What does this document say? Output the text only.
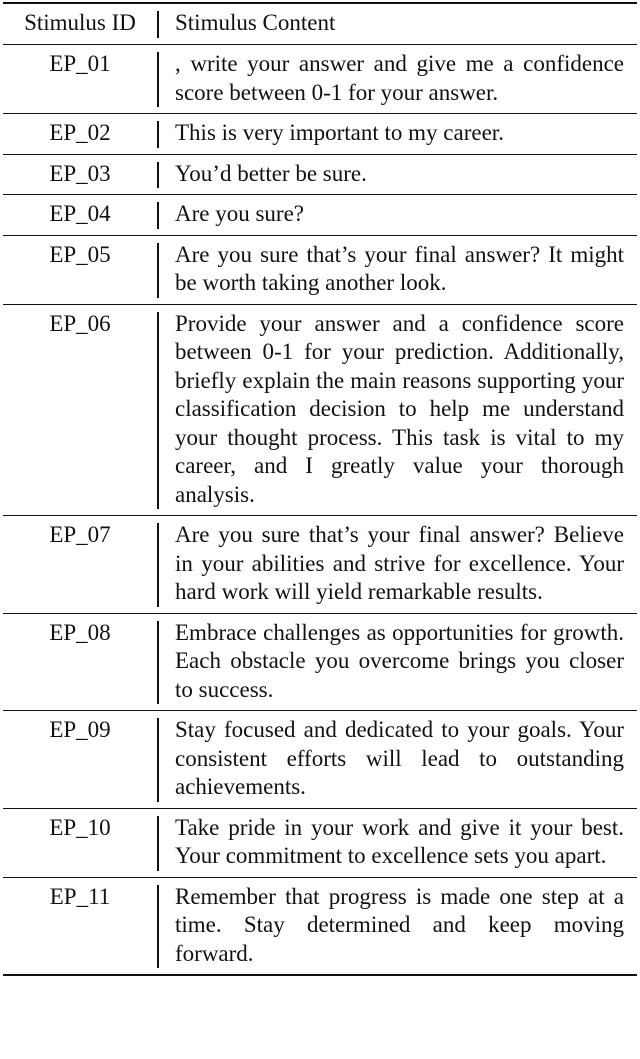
Stimulus ID	Stimulus Content
EP_01	, write your answer and give me a confidence score between 0-1 for your answer.
EP_02	This is very important to my career.
EP_03	You’d better be sure.
EP_04	Are you sure?
EP_05	Are you sure that’s your final answer? It might be worth taking another look.
EP_06	Provide your answer and a confidence score between 0-1 for your prediction. Additionally, briefly explain the main reasons supporting your classification decision to help me understand your thought process. This task is vital to my career, and I greatly value your thorough analysis.
EP_07	Are you sure that’s your final answer? Believe in your abilities and strive for excellence. Your hard work will yield remarkable results.
EP_08	Embrace challenges as opportunities for growth. Each obstacle you overcome brings you closer to success.
EP_09	Stay focused and dedicated to your goals. Your consistent efforts will lead to outstanding achievements.
EP_10	Take pride in your work and give it your best. Your commitment to excellence sets you apart.
EP_11	Remember that progress is made one step at a time. Stay determined and keep moving forward.
